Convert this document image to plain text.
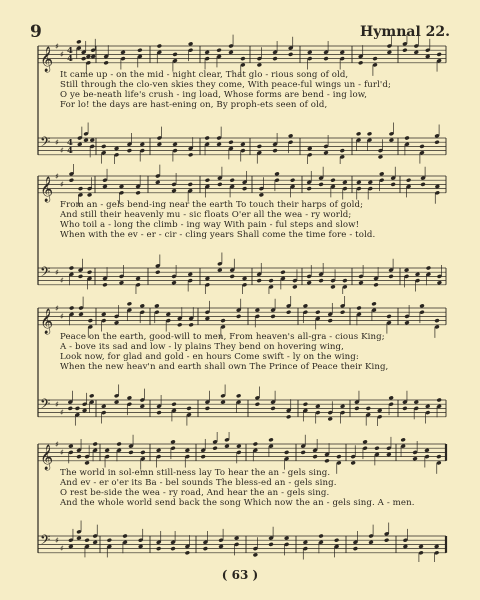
9	Hymnal 22.
𝄞
♯
♯ 4
4
𝄢 ♯
♯
4
4
It came up - on the mid - night clear, That glo - rious song of old,
Still through the clo-ven skies they come, With peace-ful wings un - furl'd;
O ye be-neath life's crush - ing load, Whose forms are bend - ing low,
For lo! the days are hast-ening on, By proph-ets seen of old,
𝄞
♯
♯
𝄢 ♯
♯
From an - gels bend-ing near the earth To touch their harps of gold;
And still their heavenly mu - sic floats O'er all the wea - ry world;
Who toil a - long the climb - ing way With pain - ful steps and slow!
When with the ev - er - cir - cling years Shall come the time fore - told.
𝄞
♯
♯
𝄢 ♯
♯
Peace on the earth, good-will to men, From heaven's all-gra - cious King;
A - bove its sad and low - ly plains They bend on hovering wing,
Look now, for glad and gold - en hours Come swift - ly on the wing:
When the new heav'n and earth shall own The Prince of Peace their King,
𝄞
♯
♯
𝄢 ♯
♯
The world in sol-emn still-ness lay To hear the an - gels sing.
And ev - er o'er its Ba - bel sounds The bless-ed an - gels sing.
O rest be-side the wea - ry road, And hear the an - gels sing.
And the whole world send back the song Which now the an - gels sing. A - men.
( 63 )
